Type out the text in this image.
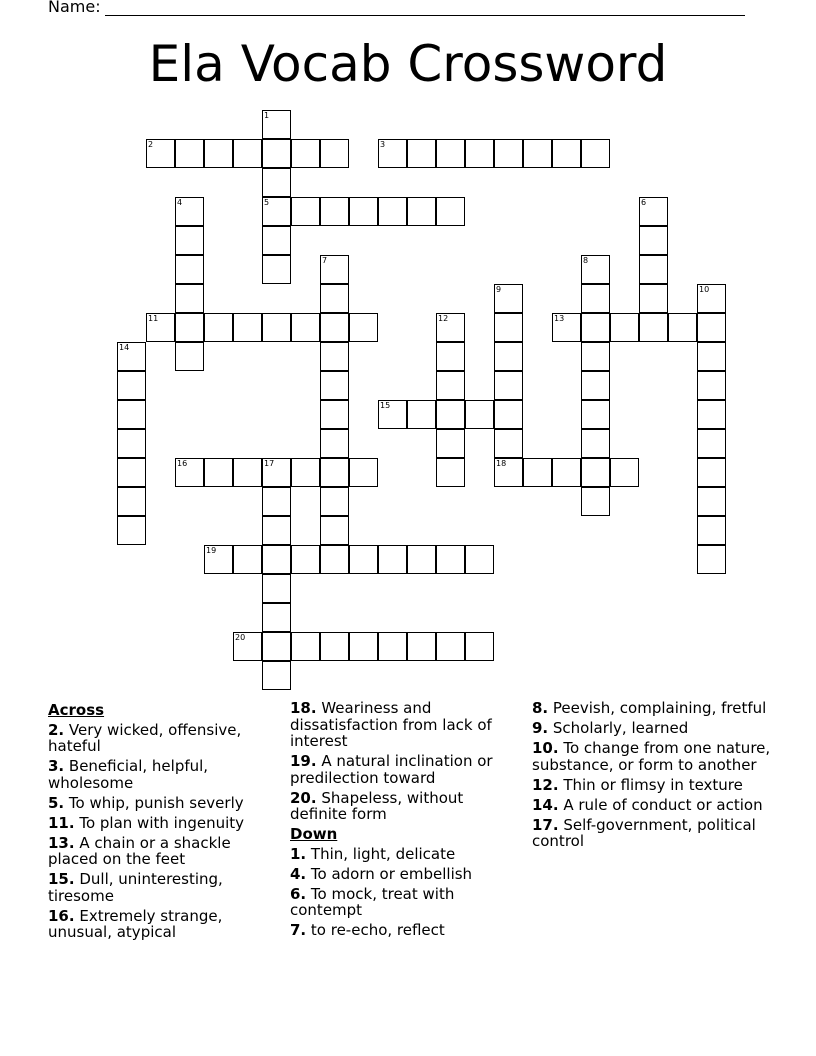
Name:
Ela Vocab Crossword
1
5
2	3
4	6
7	8
9	10
11	12	13
14
15
16	17	18
19
20
Across
2. Very wicked, offensive, hateful
3. Beneficial, helpful, wholesome
5. To whip, punish severly
11. To plan with ingenuity
13. A chain or a shackle placed on the feet
15. Dull, uninteresting, tiresome
16. Extremely strange, unusual, atypical
18. Weariness and dissatisfaction from lack of interest
19. A natural inclination or predilection toward
20. Shapeless, without definite form
Down
1. Thin, light, delicate
4. To adorn or embellish
6. To mock, treat with contempt
7. to re-echo, reflect
8. Peevish, complaining, fretful
9. Scholarly, learned
10. To change from one nature, substance, or form to another
12. Thin or flimsy in texture
14. A rule of conduct or action
17. Self-government, political control
